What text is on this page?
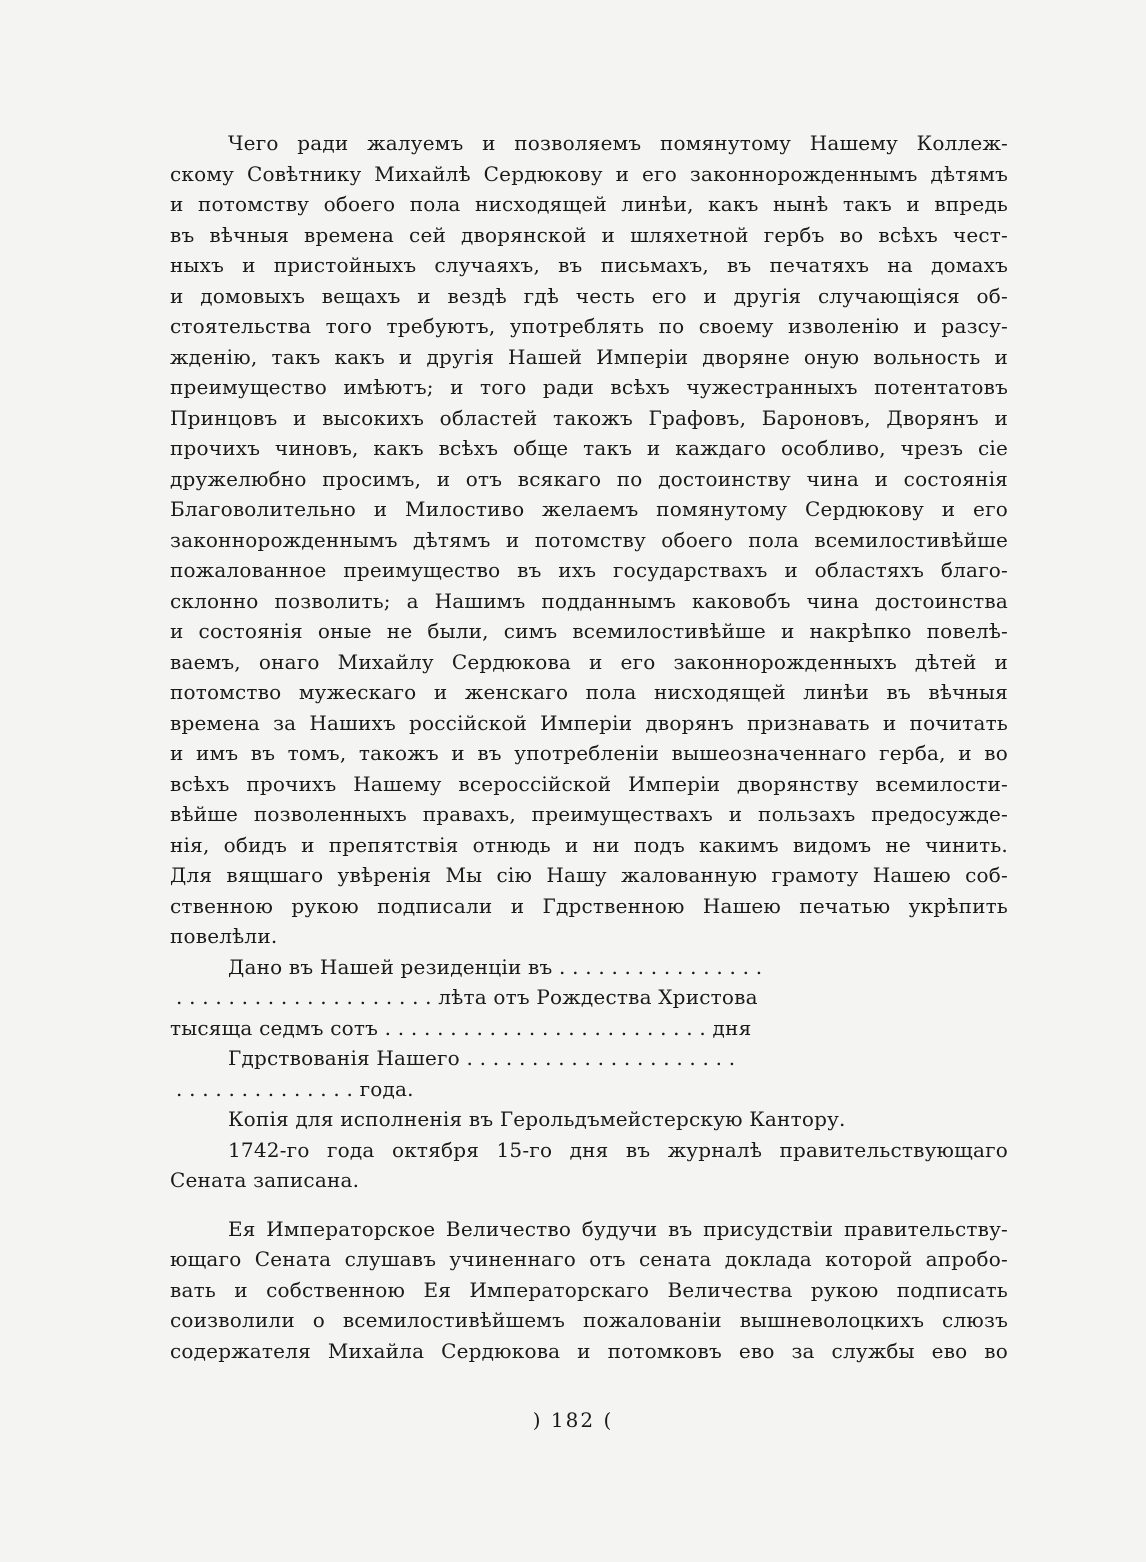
Чего ради жалуемъ и позволяемъ помянутому Нашему Коллеж-
скому Совѣтнику Михайлѣ Сердюкову и его законнорожденнымъ дѣтямъ
и потомству обоего пола нисходящей линѣи, какъ нынѣ такъ и впредь
въ вѣчныя времена сей дворянской и шляхетной гербъ во всѣхъ чест-
ныхъ и пристойныхъ случаяхъ, въ письмахъ, въ печатяхъ на домахъ
и домовыхъ вещахъ и вездѣ гдѣ честь его и другія случающіяся об-
стоятельства того требуютъ, употреблять по своему изволенію и разсу-
жденію, такъ какъ и другія Нашей Имперіи дворяне оную вольность и
преимущество имѣютъ; и того ради всѣхъ чужестранныхъ потентатовъ
Принцовъ и высокихъ областей такожъ Графовъ, Бароновъ, Дворянъ и
прочихъ чиновъ, какъ всѣхъ обще такъ и каждаго особливо, чрезъ сіе
дружелюбно просимъ, и отъ всякаго по достоинству чина и состоянія
Благоволительно и Милостиво желаемъ помянутому Сердюкову и его
законнорожденнымъ дѣтямъ и потомству обоего пола всемилостивѣйше
пожалованное преимущество въ ихъ государствахъ и областяхъ благо-
склонно позволить; а Нашимъ подданнымъ каковобъ чина достоинства
и состоянія оные не были, симъ всемилостивѣйше и накрѣпко повелѣ-
ваемъ, онаго Михайлу Сердюкова и его законнорожденныхъ дѣтей и
потомство мужескаго и женскаго пола нисходящей линѣи въ вѣчныя
времена за Нашихъ россійской Имперіи дворянъ признавать и почитать
и имъ въ томъ, такожъ и въ употребленіи вышеозначеннаго герба, и во
всѣхъ прочихъ Нашему всероссійской Имперіи дворянству всемилости-
вѣйше позволенныхъ правахъ, преимуществахъ и пользахъ предосужде-
нія, обидъ и препятствія отнюдь и ни подъ какимъ видомъ не чинить.
Для вящшаго увѣренія Мы сію Нашу жалованную грамоту Нашею соб-
ственною рукою подписали и Гдрственною Нашею печатью укрѣпить
повелѣли.
Дано въ Нашей резиденціи въ . . . . . . . . . . . . . . . .
. . . . . . . . . . . . . . . . . . . . лѣта отъ Рождества Христова
тысяща седмъ сотъ . . . . . . . . . . . . . . . . . . . . . . . . . дня
Гдрствованія Нашего . . . . . . . . . . . . . . . . . . . . .
. . . . . . . . . . . . . . года.
Копія для исполненія въ Герольдъмейстерскую Кантору.
1742-го года октября 15-го дня въ журналѣ правительствующаго
Сената записана.
Ея Императорское Величество будучи въ присудствіи правительству-
ющаго Сената слушавъ учиненнаго отъ сената доклада которой апробо-
вать и собственною Ея Императорскаго Величества рукою подписать
соизволили о всемилостивѣйшемъ пожалованіи вышневолоцкихъ слюзъ
содержателя Михайла Сердюкова и потомковъ ево за службы ево во
) 182 (
